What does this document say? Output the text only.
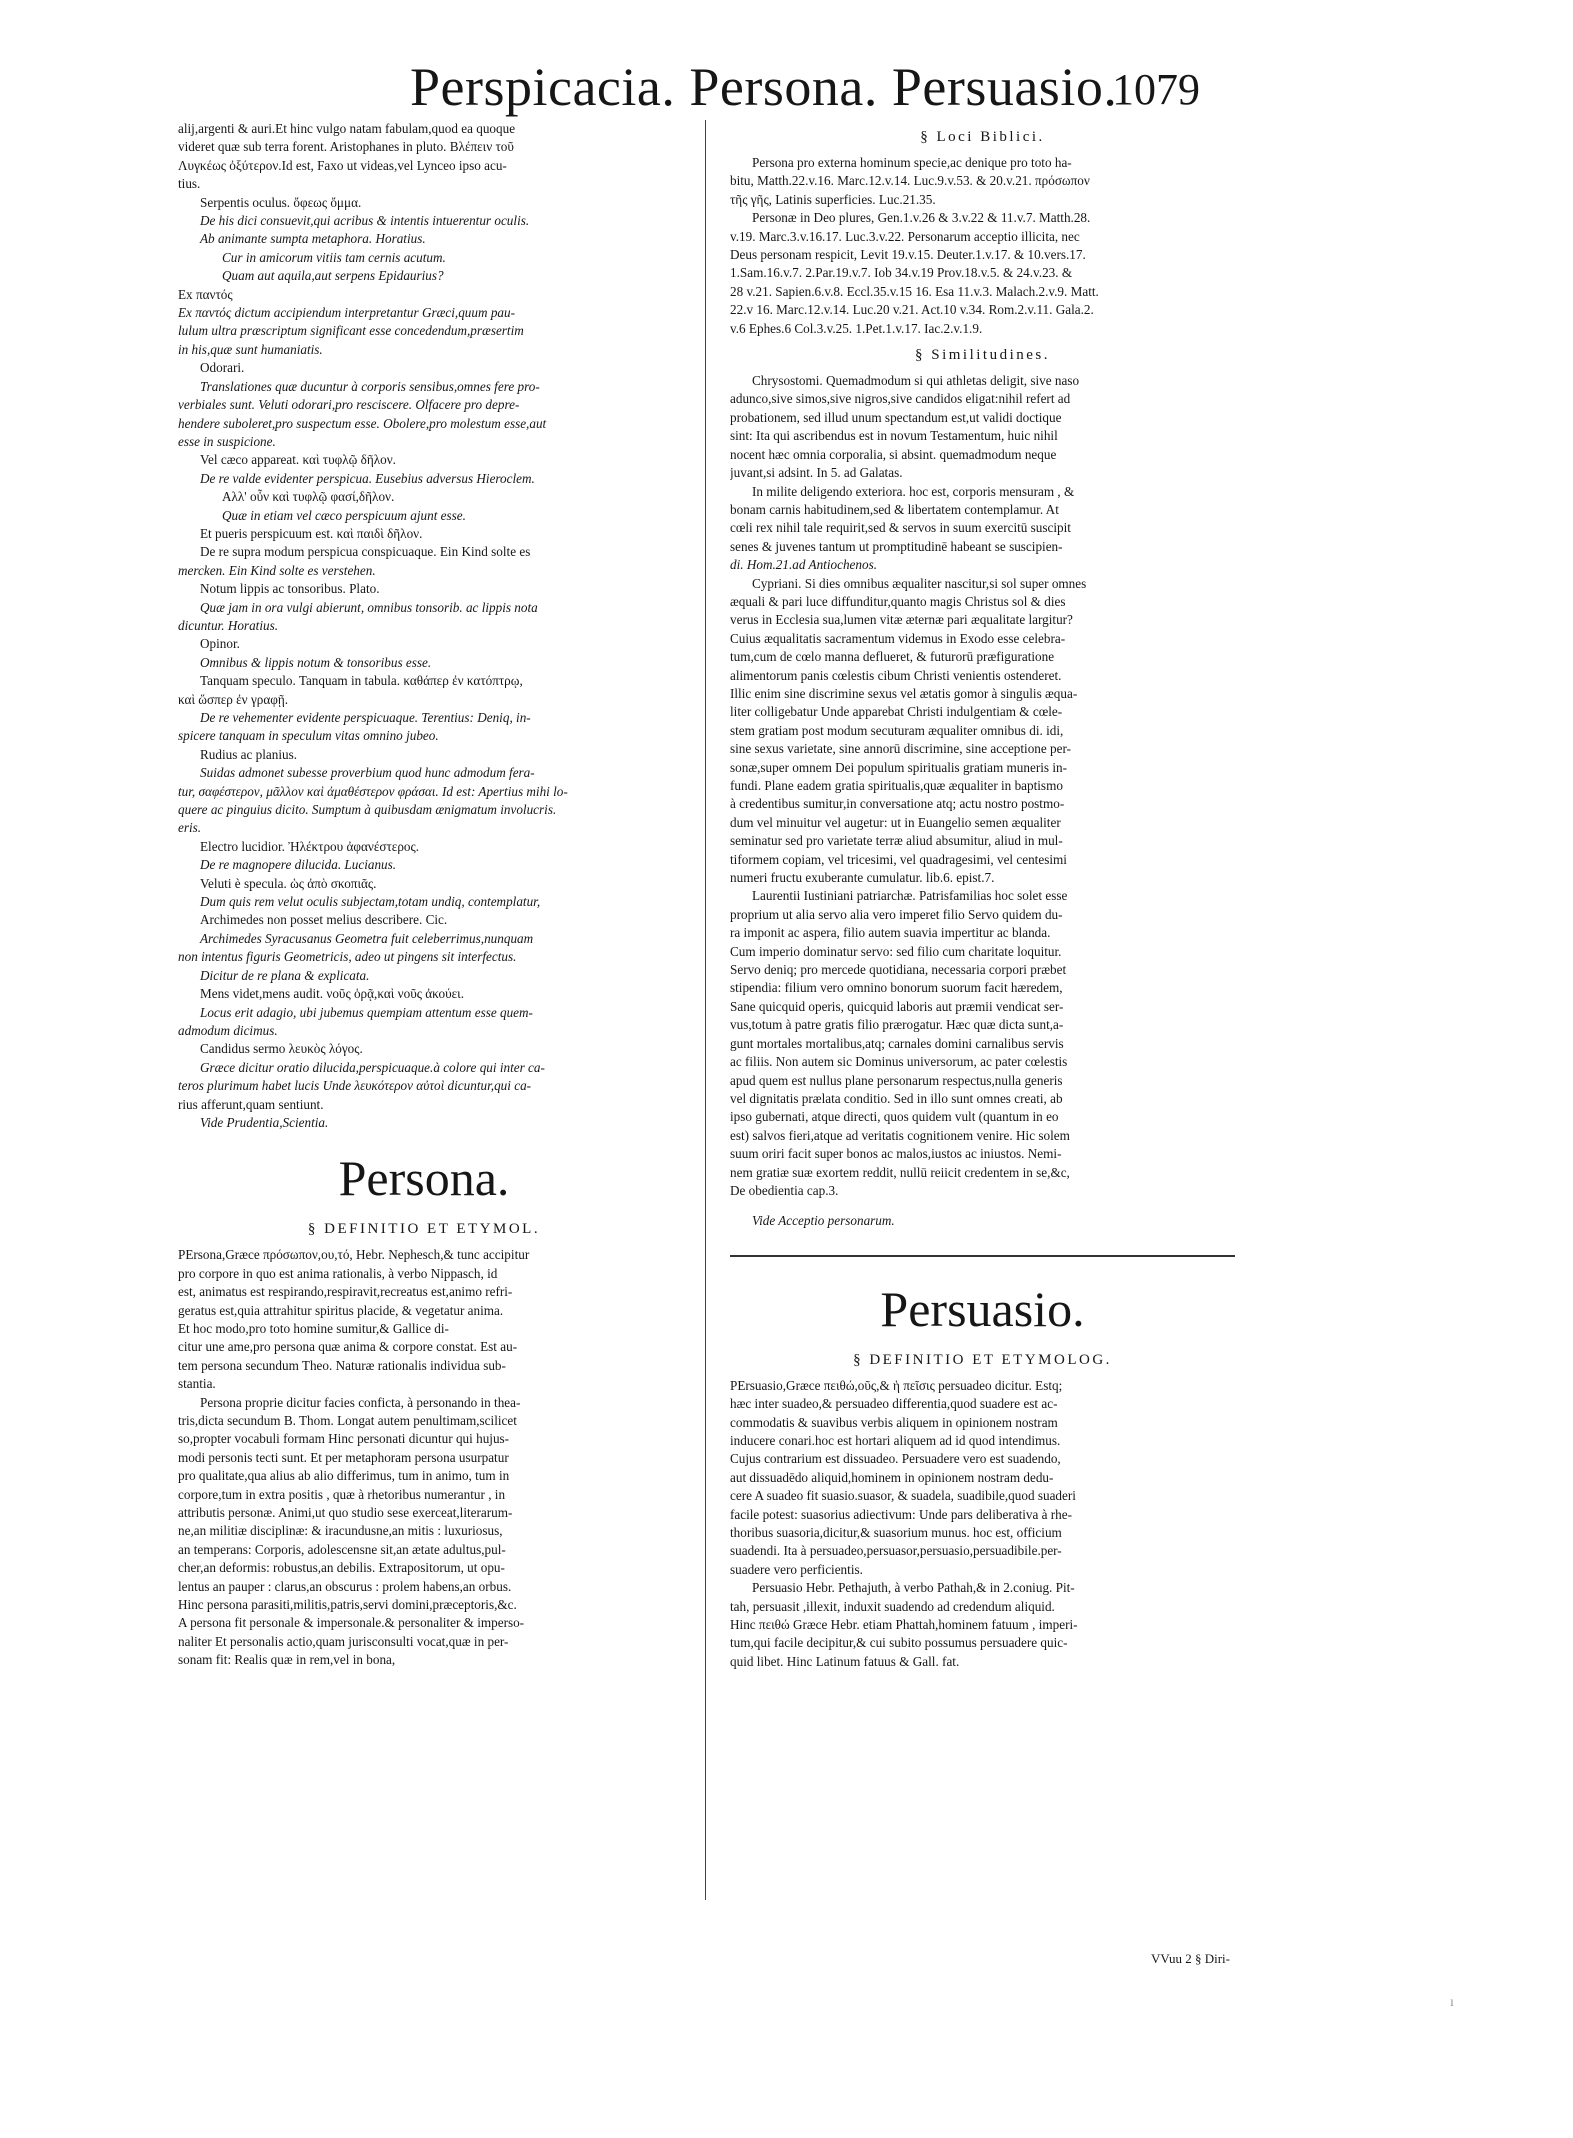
Perspicacia. Persona. Persuasio.
1079
alij,argenti & auri.Et hinc vulgo natam fabulam,quod ea quoque
videret quæ sub terra forent. Aristophanes in pluto. Βλέπειν τοῦ
Λυγκέως ὀξύτερον.Id est, Faxo ut videas,vel Lynceo ipso acu-
tius.
Serpentis oculus. ὄφεως ὄμμα.
De his dici consuevit,qui acribus & intentis intuerentur oculis.
Ab animante sumpta metaphora. Horatius.
Cur in amicorum vitiis tam cernis acutum.
Quam aut aquila,aut serpens Epidaurius?
Ex παντός
Ex παντός dictum accipiendum interpretantur Græci,quum pau-
lulum ultra præscriptum significant esse concedendum,præsertim
in his,quæ sunt humaniatis.
Odorari.
Translationes quæ ducuntur à corporis sensibus,omnes fere pro-
verbiales sunt. Veluti odorari,pro resciscere. Olfacere pro depre-
hendere suboleret,pro suspectum esse. Obolere,pro molestum esse,aut
esse in suspicione.
Vel cæco appareat. καὶ τυφλῷ δῆλον.
De re valde evidenter perspicua. Eusebius adversus Hieroclem.
Αλλ' οὖν καὶ τυφλῷ φασί,δῆλον.
Quæ in etiam vel cæco perspicuum ajunt esse.
Et pueris perspicuum est. καὶ παιδὶ δῆλον.
De re supra modum perspicua conspicuaque. Ein Kind solte es
mercken. Ein Kind solte es verstehen.
Notum lippis ac tonsoribus. Plato.
Quæ jam in ora vulgi abierunt, omnibus tonsorib. ac lippis nota
dicuntur. Horatius.
Opinor.
Omnibus & lippis notum & tonsoribus esse.
Tanquam speculo. Tanquam in tabula. καθάπερ ἐν κατόπτρῳ,
καὶ ὥσπερ ἐν γραφῇ.
De re vehementer evidente perspicuaque. Terentius: Deniq, in-
spicere tanquam in speculum vitas omnino jubeo.
Rudius ac planius.
Suidas admonet subesse proverbium quod hunc admodum fera-
tur, σαφέστερον, μᾶλλον καὶ ἀμαθέστερον φράσαι. Id est: Apertius mihi lo-
quere ac pinguius dicito. Sumptum à quibusdam ænigmatum involucris.
eris.
Electro lucidior. Ἠλέκτρου ἀφανέστερος.
De re magnopere dilucida. Lucianus.
Veluti è specula. ὡς ἀπὸ σκοπιᾶς.
Dum quis rem velut oculis subjectam,totam undiq, contemplatur,
Archimedes non posset melius describere. Cic.
Archimedes Syracusanus Geometra fuit celeberrimus,nunquam
non intentus figuris Geometricis, adeo ut pingens sit interfectus.
Dicitur de re plana & explicata.
Mens videt,mens audit. νοῦς ὁρᾷ,καὶ νοῦς ἀκούει.
Locus erit adagio, ubi jubemus quempiam attentum esse quem-
admodum dicimus.
Candidus sermo λευκὸς λόγος.
Græce dicitur oratio dilucida,perspicuaque.à colore qui inter ca-
teros plurimum habet lucis Unde λευκότερον αὐτοὶ dicuntur,qui ca-
rius afferunt,quam sentiunt.
Vide Prudentia,Scientia.
Persona.
§ DEFINITIO ET ETYMOL.
PErsona,Græce πρόσωπον,ου,τό, Hebr. Nephesch,& tunc accipitur
pro corpore in quo est anima rationalis, à verbo Nippasch, id
est, animatus est respirando,respiravit,recreatus est,animo refri-
geratus est,quia attrahitur spiritus placide, & vegetatur anima.
Et hoc modo,pro toto homine sumitur,& Gallice di-
citur une ame,pro persona quæ anima & corpore constat. Est au-
tem persona secundum Theo. Naturæ rationalis individua sub-
stantia.
Persona proprie dicitur facies conficta, à personando in thea-
tris,dicta secundum B. Thom. Longat autem penultimam,scilicet
so,propter vocabuli formam Hinc personati dicuntur qui hujus-
modi personis tecti sunt. Et per metaphoram persona usurpatur
pro qualitate,qua alius ab alio differimus, tum in animo, tum in
corpore,tum in extra positis , quæ à rhetoribus numerantur , in
attributis personæ. Animi,ut quo studio sese exerceat,literarum-
ne,an militiæ disciplinæ: & iracundusne,an mitis : luxuriosus,
an temperans: Corporis, adolescensne sit,an ætate adultus,pul-
cher,an deformis: robustus,an debilis. Extrapositorum, ut opu-
lentus an pauper : clarus,an obscurus : prolem habens,an orbus.
Hinc persona parasiti,militis,patris,servi domini,præceptoris,&c.
A persona fit personale & impersonale.& personaliter & imperso-
naliter Et personalis actio,quam jurisconsulti vocat,quæ in per-
sonam fit: Realis quæ in rem,vel in bona,
§ Loci Biblici.
Persona pro externa hominum specie,ac denique pro toto ha-
bitu, Matth.22.v.16. Marc.12.v.14. Luc.9.v.53. & 20.v.21. πρόσωπον
τῆς γῆς, Latinis superficies. Luc.21.35.
Personæ in Deo plures, Gen.1.v.26 & 3.v.22 & 11.v.7. Matth.28.
v.19. Marc.3.v.16.17. Luc.3.v.22. Personarum acceptio illicita, nec
Deus personam respicit, Levit 19.v.15. Deuter.1.v.17. & 10.vers.17.
1.Sam.16.v.7. 2.Par.19.v.7. Iob 34.v.19 Prov.18.v.5. & 24.v.23. &
28 v.21. Sapien.6.v.8. Eccl.35.v.15 16. Esa 11.v.3. Malach.2.v.9. Matt.
22.v 16. Marc.12.v.14. Luc.20 v.21. Act.10 v.34. Rom.2.v.11. Gala.2.
v.6 Ephes.6 Col.3.v.25. 1.Pet.1.v.17. Iac.2.v.1.9.
§ Similitudines.
Chrysostomi. Quemadmodum si qui athletas deligit, sive naso
adunco,sive simos,sive nigros,sive candidos eligat:nihil refert ad
probationem, sed illud unum spectandum est,ut validi doctique
sint: Ita qui ascribendus est in novum Testamentum, huic nihil
nocent hæc omnia corporalia, si absint. quemadmodum neque
juvant,si adsint. In 5. ad Galatas.
In milite deligendo exteriora. hoc est, corporis mensuram , &
bonam carnis habitudinem,sed & libertatem contemplamur. At
cœli rex nihil tale requirit,sed & servos in suum exercitū suscipit
senes & juvenes tantum ut promptitudinē habeant se suscipien-
di. Hom.21.ad Antiochenos.
Cypriani. Si dies omnibus æqualiter nascitur,si sol super omnes
æquali & pari luce diffunditur,quanto magis Christus sol & dies
verus in Ecclesia sua,lumen vitæ æternæ pari æqualitate largitur?
Cuius æqualitatis sacramentum videmus in Exodo esse celebra-
tum,cum de cœlo manna deflueret, & futurorū præfiguratione
alimentorum panis cœlestis cibum Christi venientis ostenderet.
Illic enim sine discrimine sexus vel ætatis gomor à singulis æqua-
liter colligebatur Unde apparebat Christi indulgentiam & cœle-
stem gratiam post modum secuturam æqualiter omnibus di. idi,
sine sexus varietate, sine annorū discrimine, sine acceptione per-
sonæ,super omnem Dei populum spiritualis gratiam muneris in-
fundi. Plane eadem gratia spiritualis,quæ æqualiter in baptismo
à credentibus sumitur,in conversatione atq; actu nostro postmo-
dum vel minuitur vel augetur: ut in Euangelio semen æqualiter
seminatur sed pro varietate terræ aliud absumitur, aliud in mul-
tiformem copiam, vel tricesimi, vel quadragesimi, vel centesimi
numeri fructu exuberante cumulatur. lib.6. epist.7.
Laurentii Iustiniani patriarchæ. Patrisfamilias hoc solet esse
proprium ut alia servo alia vero imperet filio Servo quidem du-
ra imponit ac aspera, filio autem suavia impertitur ac blanda.
Cum imperio dominatur servo: sed filio cum charitate loquitur.
Servo deniq; pro mercede quotidiana, necessaria corpori præbet
stipendia: filium vero omnino bonorum suorum facit hæredem,
Sane quicquid operis, quicquid laboris aut præmii vendicat ser-
vus,totum à patre gratis filio prærogatur. Hæc quæ dicta sunt,a-
gunt mortales mortalibus,atq; carnales domini carnalibus servis
ac filiis. Non autem sic Dominus universorum, ac pater cœlestis
apud quem est nullus plane personarum respectus,nulla generis
vel dignitatis prælata conditio. Sed in illo sunt omnes creati, ab
ipso gubernati, atque directi, quos quidem vult (quantum in eo
est) salvos fieri,atque ad veritatis cognitionem venire. Hic solem
suum oriri facit super bonos ac malos,iustos ac iniustos. Nemi-
nem gratiæ suæ exortem reddit, nullū reiicit credentem in se,&c,
De obedientia cap.3.
Vide Acceptio personarum.
Persuasio.
§ DEFINITIO ET ETYMOLOG.
PErsuasio,Græce πειθώ,οῦς,& ἡ πεῖσις persuadeo dicitur. Estq;
hæc inter suadeo,& persuadeo differentia,quod suadere est ac-
commodatis & suavibus verbis aliquem in opinionem nostram
inducere conari.hoc est hortari aliquem ad id quod intendimus.
Cujus contrarium est dissuadeo. Persuadere vero est suadendo,
aut dissuadēdo aliquid,hominem in opinionem nostram dedu-
cere A suadeo fit suasio.suasor, & suadela, suadibile,quod suaderi
facile potest: suasorius adiectivum: Unde pars deliberativa à rhe-
thoribus suasoria,dicitur,& suasorium munus. hoc est, officium
suadendi. Ita à persuadeo,persuasor,persuasio,persuadibile.per-
suadere vero perficientis.
Persuasio Hebr. Pethajuth, à verbo Pathah,& in 2.coniug. Pit-
tah, persuasit ,illexit, induxit suadendo ad credendum aliquid.
Hinc πειθώ Græce Hebr. etiam Phattah,hominem fatuum , imperi-
tum,qui facile decipitur,& cui subito possumus persuadere quic-
quid libet. Hinc Latinum fatuus & Gall. fat.
VVuu 2 § Diri-
ı
